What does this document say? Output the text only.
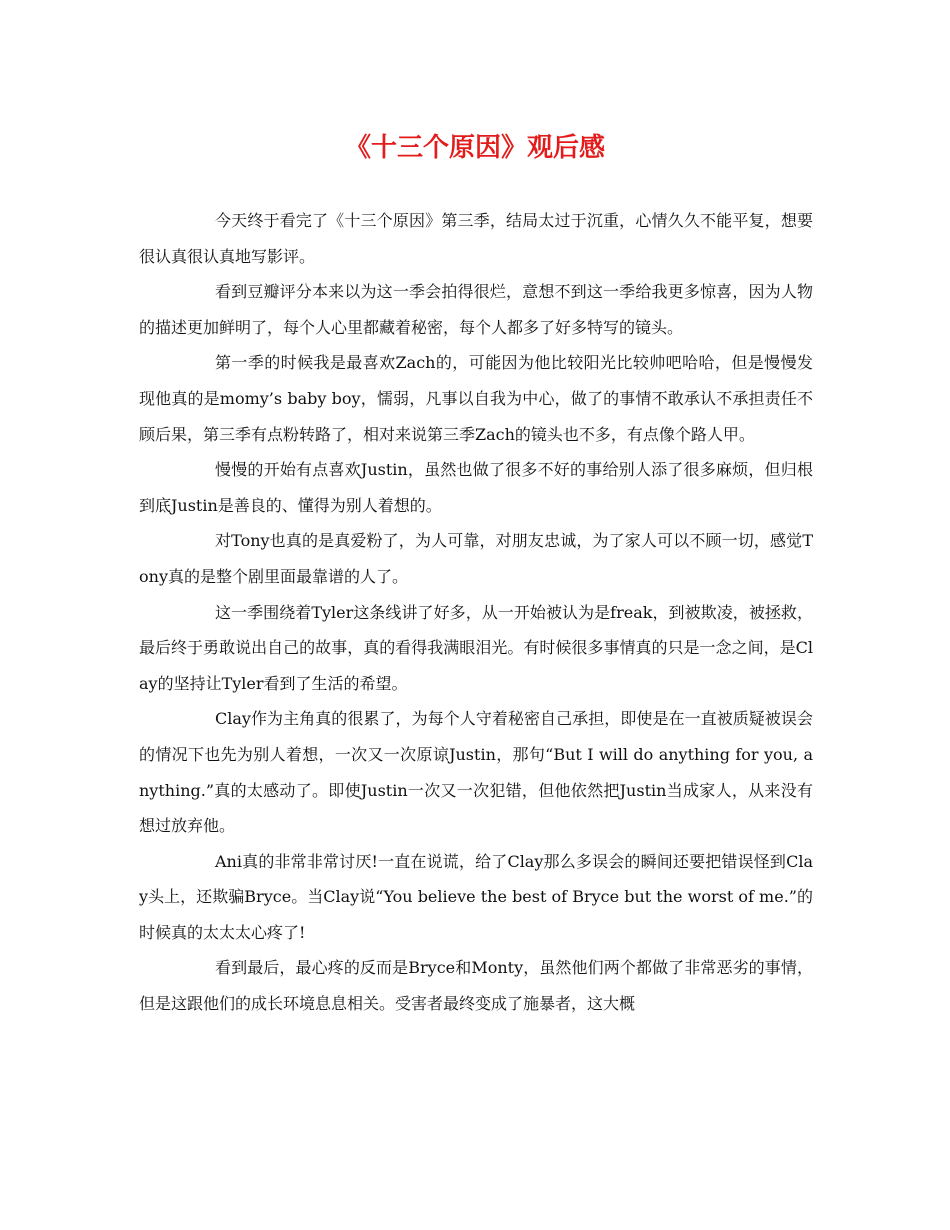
《十三个原因》观后感

今天终于看完了《十三个原因》第三季，结局太过于沉重，心情久久不能平复，想要很认真很认真地写影评。

看到豆瓣评分本来以为这一季会拍得很烂，意想不到这一季给我更多惊喜，因为人物的描述更加鲜明了，每个人心里都藏着秘密，每个人都多了好多特写的镜头。

第一季的时候我是最喜欢Zach的，可能因为他比较阳光比较帅吧哈哈，但是慢慢发现他真的是momy’s baby boy，懦弱，凡事以自我为中心，做了的事情不敢承认不承担责任不顾后果，第三季有点粉转路了，相对来说第三季Zach的镜头也不多，有点像个路人甲。

慢慢的开始有点喜欢Justin，虽然也做了很多不好的事给别人添了很多麻烦，但归根到底Justin是善良的、懂得为别人着想的。

对Tony也真的是真爱粉了，为人可靠，对朋友忠诚，为了家人可以不顾一切，感觉Tony真的是整个剧里面最靠谱的人了。

这一季围绕着Tyler这条线讲了好多，从一开始被认为是freak，到被欺凌，被拯救，最后终于勇敢说出自己的故事，真的看得我满眼泪光。有时候很多事情真的只是一念之间，是Clay的坚持让Tyler看到了生活的希望。

Clay作为主角真的很累了，为每个人守着秘密自己承担，即使是在一直被质疑被误会的情况下也先为别人着想，一次又一次原谅Justin，那句“But I will do anything for you, anything.”真的太感动了。即使Justin一次又一次犯错，但他依然把Justin当成家人，从来没有想过放弃他。

Ani真的非常非常讨厌!一直在说谎，给了Clay那么多误会的瞬间还要把错误怪到Clay头上，还欺骗Bryce。当Clay说“You believe the best of Bryce but the worst of me.”的时候真的太太太心疼了!

看到最后，最心疼的反而是Bryce和Monty，虽然他们两个都做了非常恶劣的事情，但是这跟他们的成长环境息息相关。受害者最终变成了施暴者，这大概
